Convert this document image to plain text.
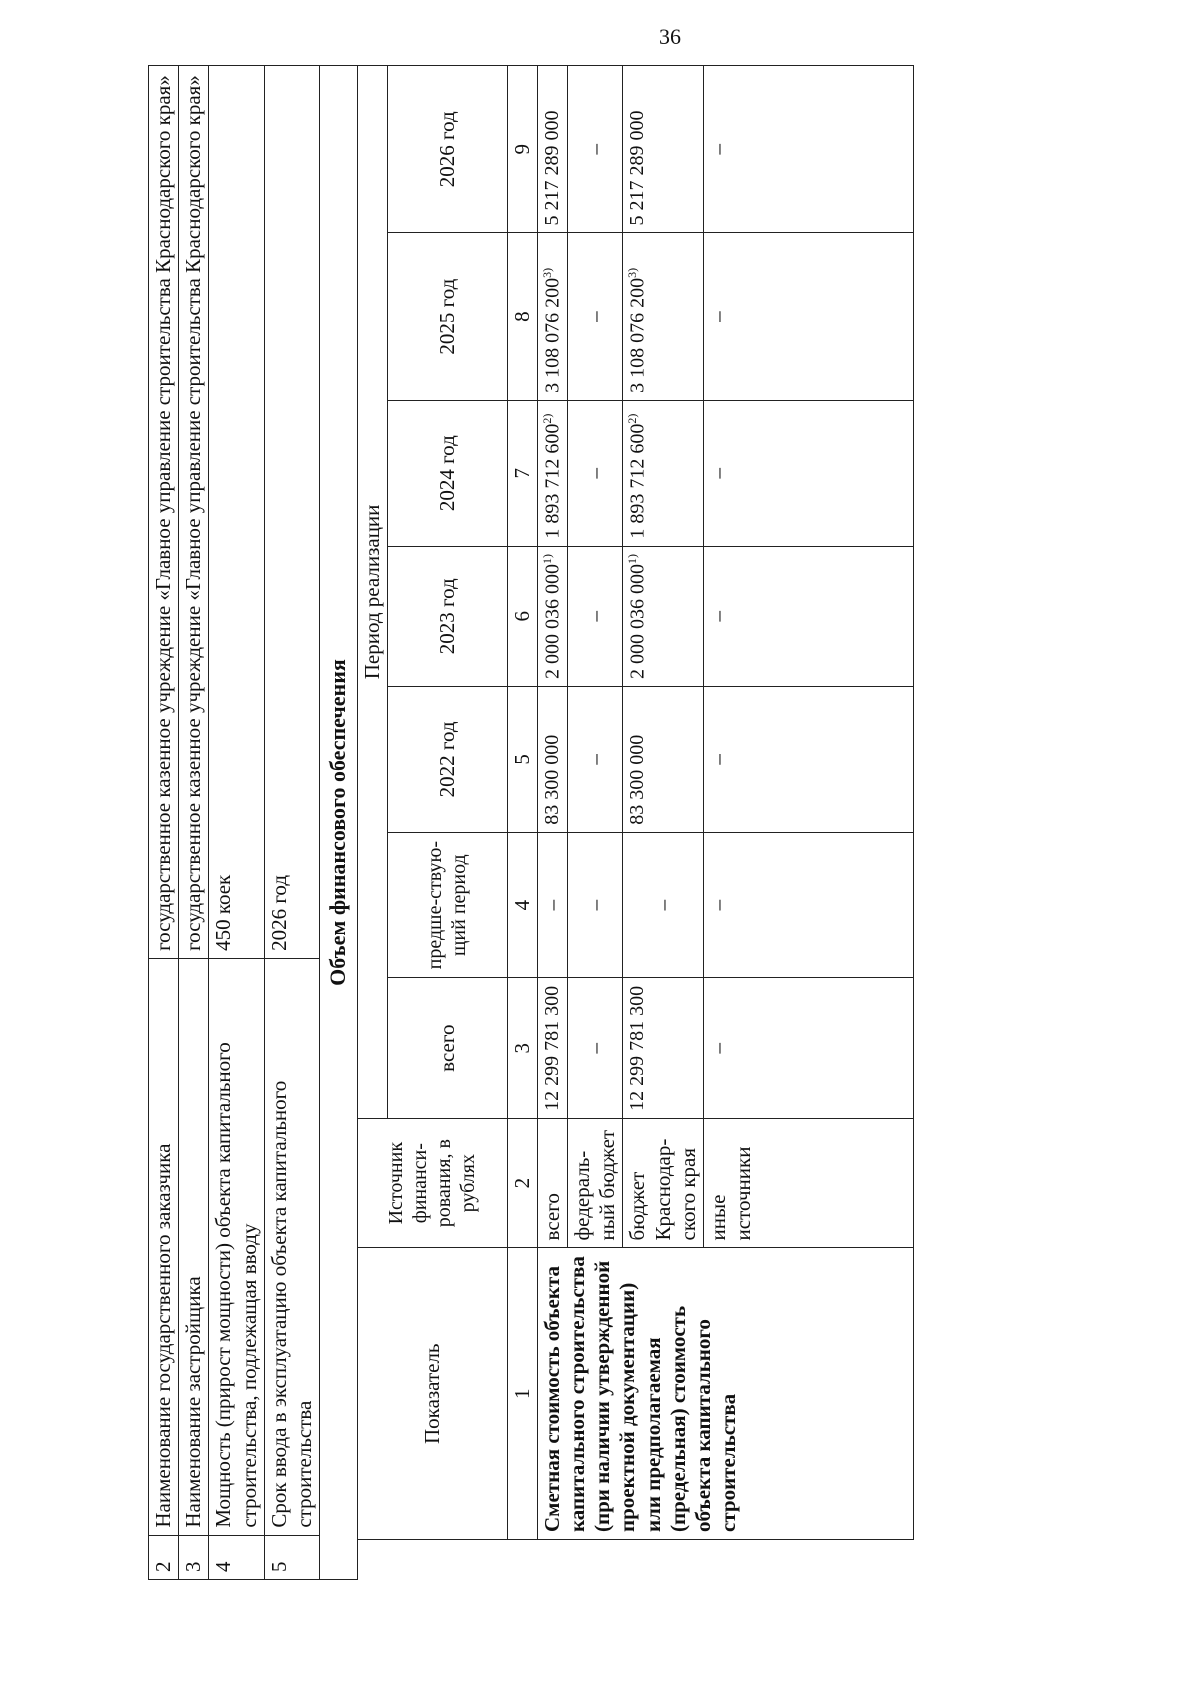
36
2	Наименование государственного заказчика	государственное казенное учреждение «Главное управление строительства Краснодарского края»
3	Наименование застройщика	государственное казенное учреждение «Главное управление строительства Краснодарского края»
4	Мощность (прирост мощности) объекта капитального строительства, подлежащая вводу	450 коек
5	Срок ввода в эксплуатацию объекта капитального строительства	2026 год
Объем финансового обеспечения		
Показатель	Источник финанси-рования, в рублях	Период реализации						
		всего	предше-ствую-щий период	2022 год	2023 год	2024 год	2025 год	2026 год
1	2	3	4	5	6	7	8	9
Сметная стоимость объекта капитального строительства (при наличии утвержденной проектной документации) или предполагаемая (предельная) стоимость объекта капитального строительства	всего	12 299 781 300	–	83 300 000	2 000 036 000$^{1)}$	1 893 712 600$^{2)}$	3 108 076 200$^{3)}$	5 217 289 000
	федераль-ный бюджет	–	–	–	–	–	–	–
	бюджет Краснодар-ского края	12 299 781 300	–	83 300 000	2 000 036 000$^{1)}$	1 893 712 600$^{2)}$	3 108 076 200$^{3)}$	5 217 289 000
	иные источники	–	–	–	–	–	–	–
